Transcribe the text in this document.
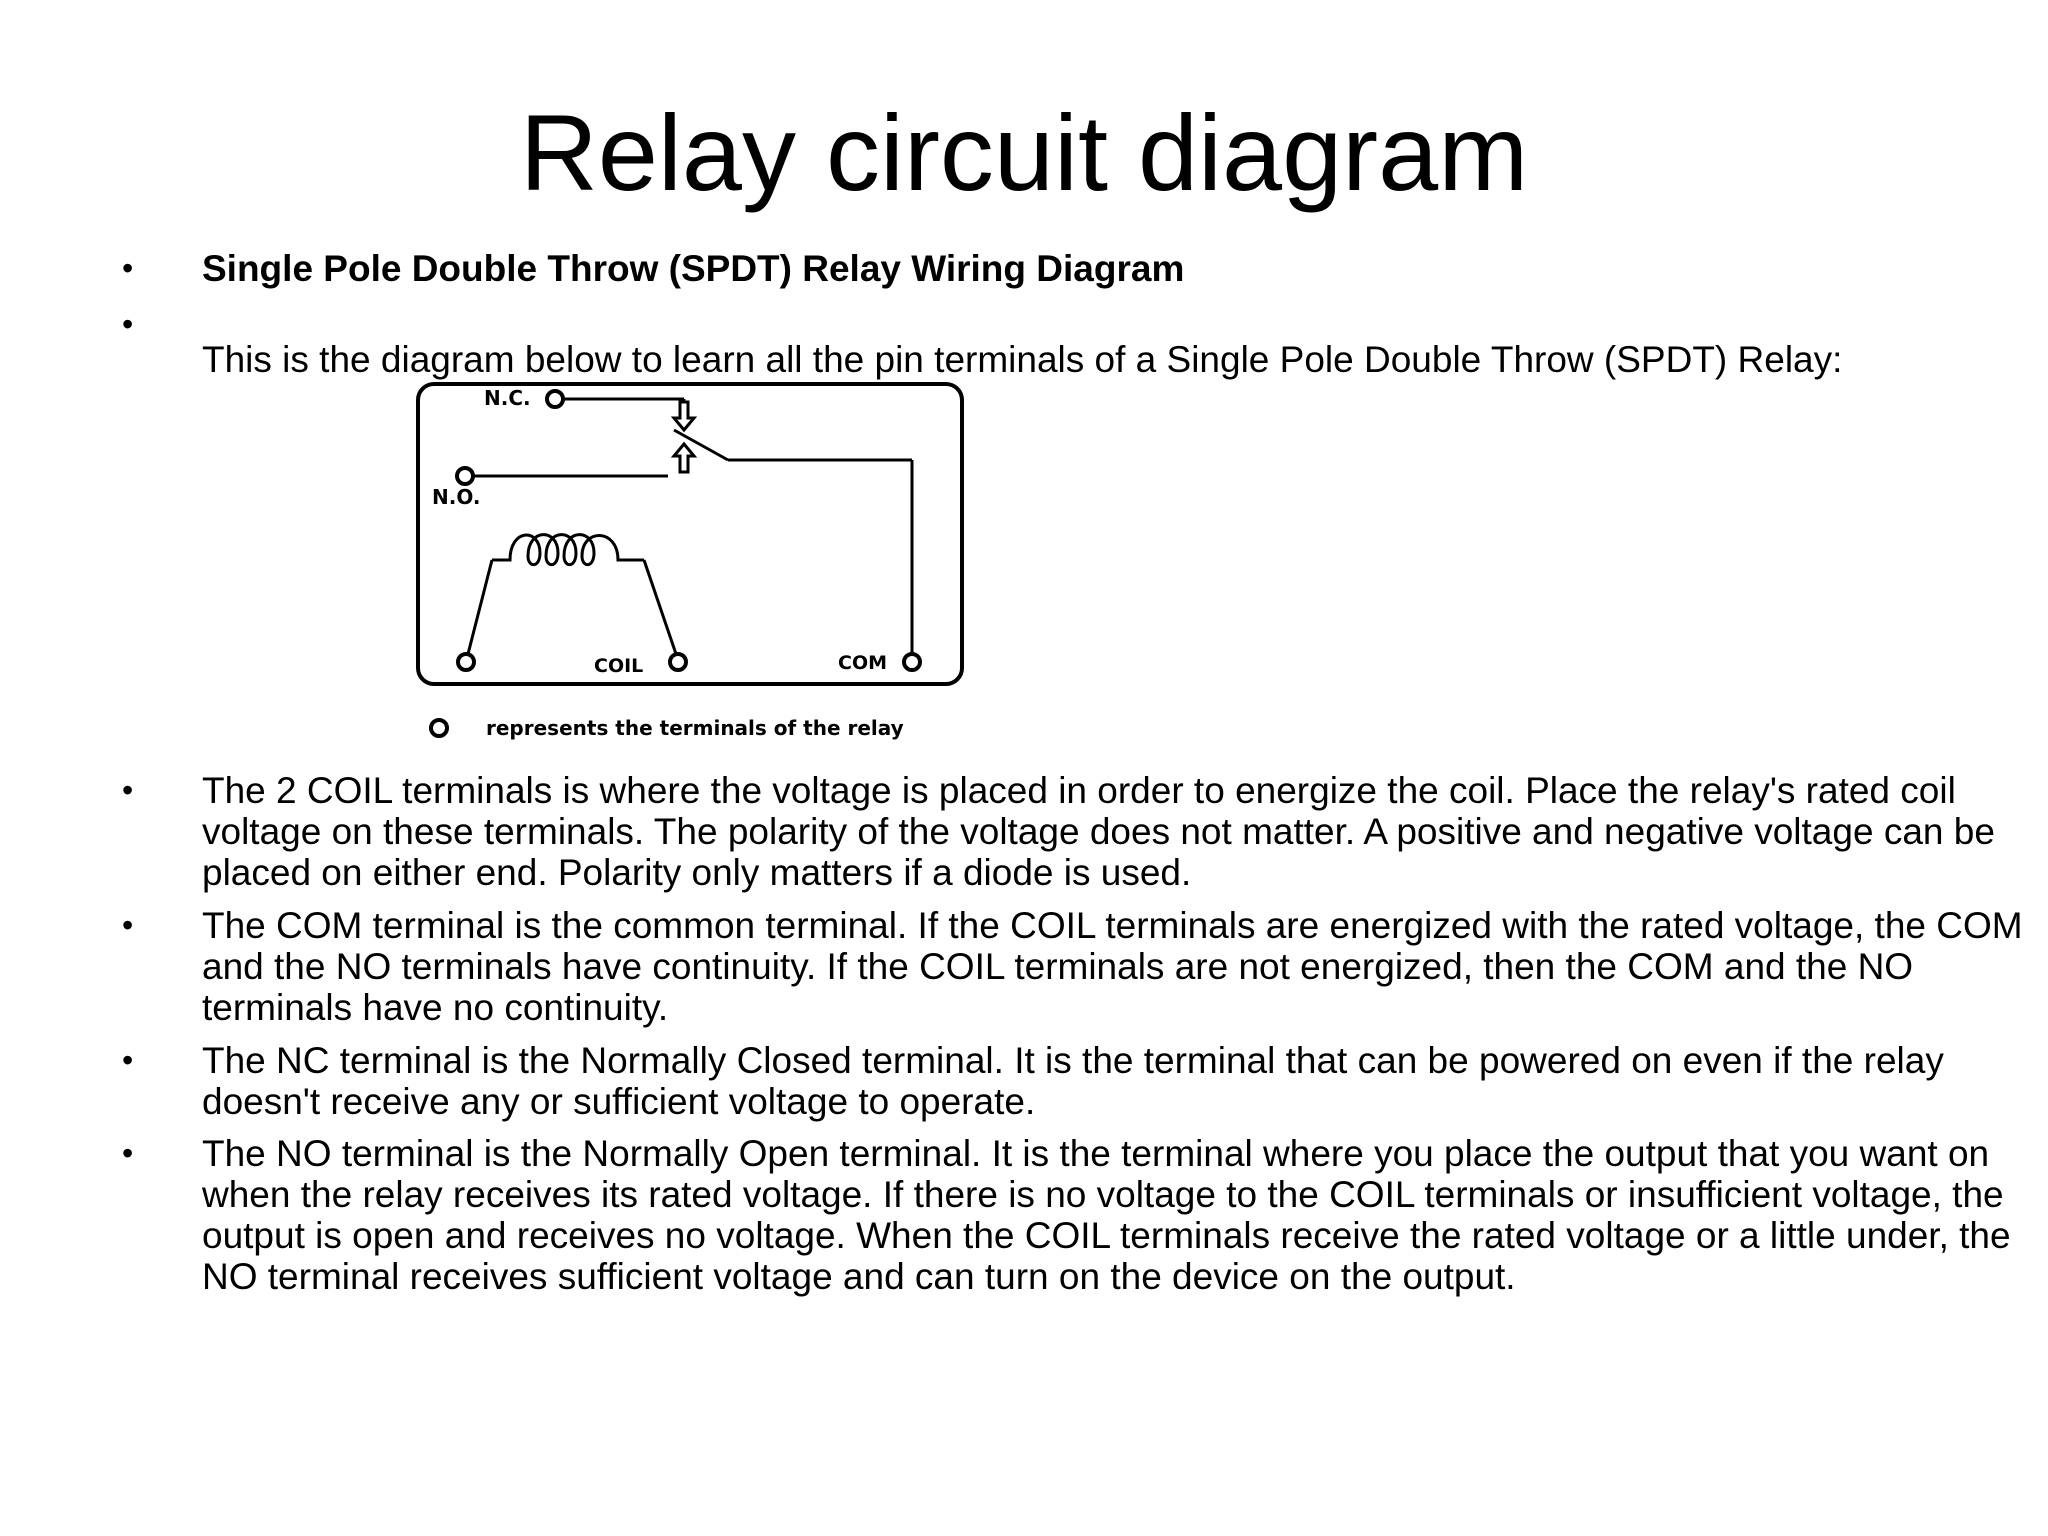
Relay circuit diagram
•	Single Pole Double Throw (SPDT) Relay Wiring Diagram
•
This is the diagram below to learn all the pin terminals of a Single Pole Double Throw (SPDT) Relay:
N.C.
N.O.
COIL	COM
represents the terminals of the relay
•	The 2 COIL terminals is where the voltage is placed in order to energize the coil. Place the relay's rated coil voltage on these terminals. The polarity of the voltage does not matter. A positive and negative voltage can be placed on either end. Polarity only matters if a diode is used.
•	The COM terminal is the common terminal. If the COIL terminals are energized with the rated voltage, the COM and the NO terminals have continuity. If the COIL terminals are not energized, then the COM and the NO terminals have no continuity.
•	The NC terminal is the Normally Closed terminal. It is the terminal that can be powered on even if the relay doesn't receive any or sufficient voltage to operate.
•	The NO terminal is the Normally Open terminal. It is the terminal where you place the output that you want on when the relay receives its rated voltage. If there is no voltage to the COIL terminals or insufficient voltage, the output is open and receives no voltage. When the COIL terminals receive the rated voltage or a little under, the NO terminal receives sufficient voltage and can turn on the device on the output.
